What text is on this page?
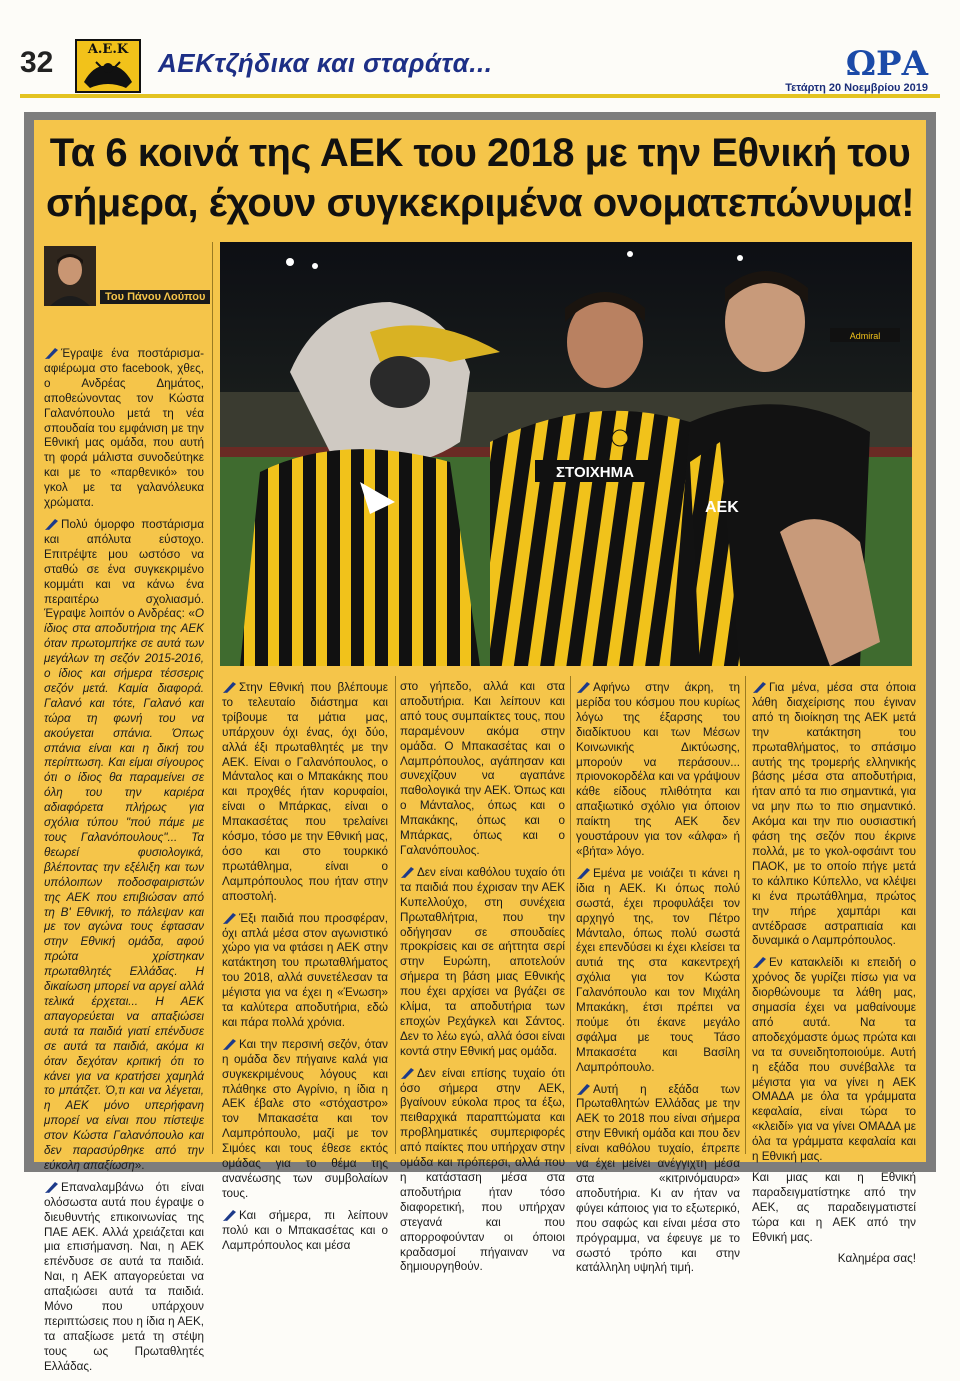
32	Α.Ε.Κ	ΑΕΚτζήδικα και σταράτα...	ΩΡΑ
Τετάρτη 20 Νοεμβρίου 2019
Τα 6 κοινά της ΑΕΚ του 2018 με την Εθνική του σήμερα, έχουν συγκεκριμένα ονοματεπώνυμα!
Του Πάνου Λούπου
Admiral
ΣΤΟΙΧΗΜΑ
ΑΕΚ

Έγραψε ένα ποστάρισμα-αφιέρωμα στο facebook, χθες, ο Ανδρέας Δημάτος, αποθεώνοντας τον Κώστα Γαλανόπουλο μετά τη νέα σπουδαία του εμφάνιση με την Εθνική μας ομάδα, που αυτή τη φορά μάλιστα συνοδεύτηκε και με το «παρθενικό» του γκολ με τα γαλανόλευκα χρώματα.

Πολύ όμορφο ποστάρισμα και απόλυτα εύστοχο. Επιτρέψτε μου ωστόσο να σταθώ σε ένα συγκεκριμένο κομμάτι και να κάνω ένα περαιτέρω σχολιασμό. Έγραψε λοιπόν ο Ανδρέας: «Ο ίδιος στα αποδυτήρια της ΑΕΚ όταν πρωτομπήκε σε αυτά των μεγάλων τη σεζόν 2015-2016, ο ίδιος και σήμερα τέσσερις σεζόν μετά. Καμία διαφορά. Γαλανό και τότε, Γαλανό και τώρα τη φωνή του να ακούγεται σπάνια. Όπως σπάνια είναι και η δική του περίπτωση. Και είμαι σίγουρος ότι ο ίδιος θα παραμείνει σε όλη του την καριέρα αδιαφόρετα πλήρως για σχόλια τύπου "πού πάμε με τους Γαλανόπουλους"... Τα θεωρεί φυσιολογικά, βλέποντας την εξέλιξη και των υπόλοιπων ποδοσφαιριστών της ΑΕΚ που επιβιώσαν από τη Β' Εθνική, το πάλεψαν και με τον αγώνα τους έφτασαν στην Εθνική ομάδα, αφού πρώτα χρίστηκαν πρωταθλητές Ελλάδας. Η δικαίωση μπορεί να αργεί αλλά τελικά έρχεται... Η ΑΕΚ απαγορεύεται να απαξιώσει αυτά τα παιδιά γιατί επένδυσε σε αυτά τα παιδιά, ακόμα κι όταν δεχόταν κριτική ότι το κάνει για να κρατήσει χαμηλά το μπάτζετ. Ό,τι και να λέγεται, η ΑΕΚ μόνο υπερήφανη μπορεί να είναι που πίστεψε στον Κώστα Γαλανόπουλο και δεν παρασύρθηκε από την εύκολη απαξίωση».

Επαναλαμβάνω ότι είναι ολόσωστα αυτά που έγραψε ο διευθυντής επικοινωνίας της ΠΑΕ ΑΕΚ. Αλλά χρειάζεται και μια επισήμανση. Ναι, η ΑΕΚ επένδυσε σε αυτά τα παιδιά. Ναι, η ΑΕΚ απαγορεύεται να απαξιώσει αυτά τα παιδιά. Μόνο που υπάρχουν περιπτώσεις που η ίδια η ΑΕΚ, τα απαξίωσε μετά τη στέψη τους ως Πρωταθλητές Ελλάδας.

Στην Εθνική που βλέπουμε το τελευταίο διάστημα και τρίβουμε τα μάτια μας, υπάρχουν όχι ένας, όχι δύο, αλλά έξι πρωταθλητές με την ΑΕΚ. Είναι ο Γαλανόπουλος, ο Μάνταλος και ο Μπακάκης που και προχθές ήταν κορυφαίοι, είναι ο Μπάρκας, είναι ο Μπακασέτας που τρελαίνει κόσμο, τόσο με την Εθνική μας, όσο και στο τουρκικό πρωτάθλημα, είναι ο Λαμπρόπουλος που ήταν στην αποστολή.

Έξι παιδιά που προσφέραν, όχι απλά μέσα στον αγωνιστικό χώρο για να φτάσει η ΑΕΚ στην κατάκτηση του πρωταθλήματος του 2018, αλλά συνετέλεσαν τα μέγιστα για να έχει η «Ένωση» τα καλύτερα αποδυτήρια, εδώ και πάρα πολλά χρόνια.

Και την περσινή σεζόν, όταν η ομάδα δεν πήγαινε καλά για συγκεκριμένους λόγους και πλάθηκε στο Αγρίνιο, η ίδια η ΑΕΚ έβαλε στο «στόχαστρο» τον Μπακασέτα και τον Λαμπρόπουλο, μαζί με τον Σιμόες και τους έθεσε εκτός ομάδας για το θέμα της ανανέωσης των συμβολαίων τους.

Και σήμερα, πι λείπουν πολύ και ο Μπακασέτας και ο Λαμπρόπουλος και μέσα

στο γήπεδο, αλλά και στα αποδυτήρια. Και λείπουν και από τους συμπαίκτες τους, που παραμένουν ακόμα στην ομάδα. Ο Μπακασέτας και ο Λαμπρόπουλος, αγάπησαν και συνεχίζουν να αγαπάνε παθολογικά την ΑΕΚ. Όπως και ο Μάνταλος, όπως και ο Μπακάκης, όπως και ο Μπάρκας, όπως και ο Γαλανόπουλος.

Δεν είναι καθόλου τυχαίο ότι τα παιδιά που έχρισαν την ΑΕΚ Κυπελλούχο, στη συνέχεια Πρωταθλήτρια, που την οδήγησαν σε σπουδαίες προκρίσεις και σε αήττητα σερί στην Ευρώπη, αποτελούν σήμερα τη βάση μιας Εθνικής που έχει αρχίσει να βγάζει σε κλίμα, τα αποδυτήρια των εποχών Ρεχάγκελ και Σάντος. Δεν το λέω εγώ, αλλά όσοι είναι κοντά στην Εθνική μας ομάδα.

Δεν είναι επίσης τυχαίο ότι όσο σήμερα στην ΑΕΚ, βγαίνουν εύκολα προς τα έξω, πειθαρχικά παραπτώματα και προβληματικές συμπεριφορές από παίκτες που υπήρχαν στην ομάδα και πρόπερσι, αλλά που η κατάσταση μέσα στα αποδυτήρια ήταν τόσο διαφορετική, που υπήρχαν στεγανά και που απορροφούνταν οι όποιοι κραδασμοί πήγαιναν να δημιουργηθούν.

Αφήνω στην άκρη, τη μερίδα του κόσμου που κυρίως λόγω της έξαρσης του διαδίκτυου και των Μέσων Κοινωνικής Δικτύωσης, μπορούν να περάσουν... πριονοκορδέλα και να γράψουν κάθε είδους πλιθότητα και απαξιωτικό σχόλιο για όποιον παίκτη της ΑΕΚ δεν γουστάρουν για τον «άλφα» ή «βήτα» λόγο.

Εμένα με νοιάζει τι κάνει η ίδια η ΑΕΚ. Κι όπως πολύ σωστά, έχει προφυλάξει τον αρχηγό της, τον Πέτρο Μάνταλο, όπως πολύ σωστά έχει επενδύσει κι έχει κλείσει τα αυτιά της στα κακεντρεχή σχόλια για τον Κώστα Γαλανόπουλο και τον Μιχάλη Μπακάκη, έτσι πρέπει να πούμε ότι έκανε μεγάλο σφάλμα με τους Τάσο Μπακασέτα και Βασίλη Λαμπρόπουλο.

Αυτή η εξάδα των Πρωταθλητών Ελλάδας με την ΑΕΚ το 2018 που είναι σήμερα στην Εθνική ομάδα και που δεν είναι καθόλου τυχαίο, έπρεπε να έχει μείνει ανέγγιχτη μέσα στα «κιτρινόμαυρα» αποδυτήρια. Κι αν ήταν να φύγει κάποιος για το εξωτερικό, που σαφώς και είναι μέσα στο πρόγραμμα, να έφευγε με το σωστό τρόπο και στην κατάλληλη υψηλή τιμή.

Για μένα, μέσα στα όποια λάθη διαχείρισης που έγιναν από τη διοίκηση της ΑΕΚ μετά την κατάκτηση του πρωταθλήματος, το σπάσιμο αυτής της τρομερής ελληνικής βάσης μέσα στα αποδυτήρια, ήταν από τα πιο σημαντικά, για να μην πω το πιο σημαντικό. Ακόμα και την πιο ουσιαστική φάση της σεζόν που έκρινε πολλά, με το γκολ-οφσάιντ του ΠΑΟΚ, με το οποίο πήγε μετά το κάλπικο Κύπελλο, να κλέψει κι ένα πρωτάθλημα, πρώτος την πήρε χαμπάρι και αντέδρασε αστραπιαία και δυναμικά ο Λαμπρόπουλος.

Εν κατακλείδι κι επειδή ο χρόνος δε γυρίζει πίσω για να διορθώνουμε τα λάθη μας, σημασία έχει να μαθαίνουμε από αυτά. Να τα αποδεχόμαστε όμως πρώτα και να τα συνειδητοποιούμε. Αυτή η εξάδα που συνέβαλλε τα μέγιστα για να γίνει η ΑΕΚ ΟΜΑΔΑ με όλα τα γράμματα κεφαλαία, είναι τώρα το «κλειδί» για να γίνει ΟΜΑΔΑ με όλα τα γράμματα κεφαλαία και η Εθνική μας.

Και μιας και η Εθνική παραδειγματίστηκε από την ΑΕΚ, ας παραδειγματιστεί τώρα και η ΑΕΚ από την Εθνική μας.

Καλημέρα σας!
